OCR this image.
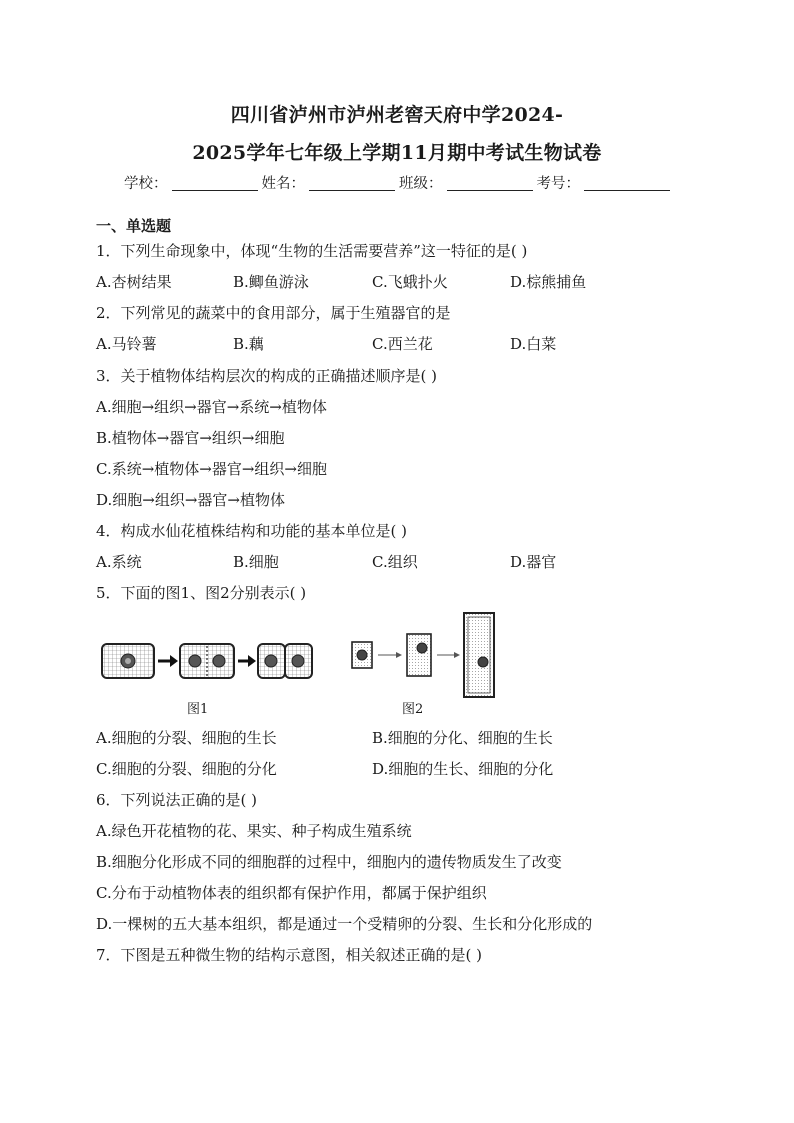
四川省泸州市泸州老窖天府中学2024-
2025学年七年级上学期11月期中考试生物试卷
学校：	姓名：	班级：	考号：
一、单选题
1．下列生命现象中，体现“生物的生活需要营养”这一特征的是( )
A.杏树结果	B.鲫鱼游泳	C.飞蛾扑火	D.棕熊捕鱼
2．下列常见的蔬菜中的食用部分，属于生殖器官的是
A.马铃薯	B.藕	C.西兰花	D.白菜
3．关于植物体结构层次的构成的正确描述顺序是( )
A.细胞→组织→器官→系统→植物体
B.植物体→器官→组织→细胞
C.系统→植物体→器官→组织→细胞
D.细胞→组织→器官→植物体
4．构成水仙花植株结构和功能的基本单位是( )
A.系统	B.细胞	C.组织	D.器官
5．下面的图1、图2分别表示( )
图1	图2
A.细胞的分裂、细胞的生长	B.细胞的分化、细胞的生长
C.细胞的分裂、细胞的分化	D.细胞的生长、细胞的分化
6．下列说法正确的是( )
A.绿色开花植物的花、果实、种子构成生殖系统
B.细胞分化形成不同的细胞群的过程中，细胞内的遗传物质发生了改变
C.分布于动植物体表的组织都有保护作用，都属于保护组织
D.一棵树的五大基本组织，都是通过一个受精卵的分裂、生长和分化形成的
7．下图是五种微生物的结构示意图，相关叙述正确的是( )
